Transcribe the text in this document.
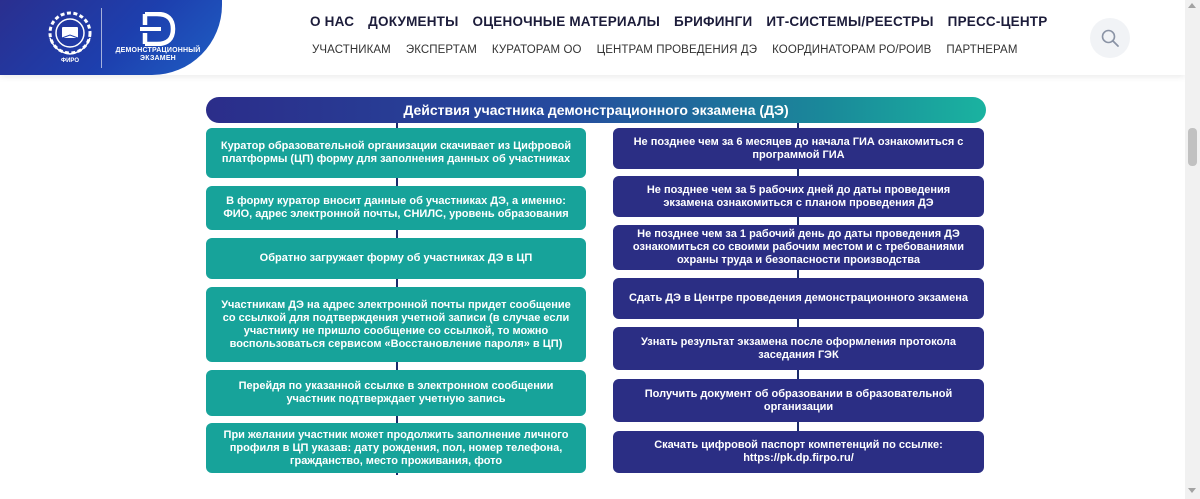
ФИРО
ДЕМОНСТРАЦИОННЫЙ ЭКЗАМЕН
О НАС ДОКУМЕНТЫ ОЦЕНОЧНЫЕ МАТЕРИАЛЫ БРИФИНГИ ИТ-СИСТЕМЫ/РЕЕСТРЫ ПРЕСС-ЦЕНТР
УЧАСТНИКАМ ЭКСПЕРТАМ КУРАТОРАМ ОО ЦЕНТРАМ ПРОВЕДЕНИЯ ДЭ КООРДИНАТОРАМ РО/РОИВ ПАРТНЕРАМ
Действия участника демонстрационного экзамена (ДЭ)
Куратор образовательной организации скачивает из Цифровой платформы (ЦП) форму для заполнения данных об участниках
В форму куратор вносит данные об участниках ДЭ, а именно: ФИО, адрес электронной почты, СНИЛС, уровень образования
Обратно загружает форму об участниках ДЭ в ЦП
Участникам ДЭ на адрес электронной почты придет сообщение со ссылкой для подтверждения учетной записи (в случае если участнику не пришло сообщение со ссылкой, то можно воспользоваться сервисом «Восстановление пароля» в ЦП)
Перейдя по указанной ссылке в электронном сообщении участник подтверждает учетную запись
При желании участник может продолжить заполнение личного профиля в ЦП указав: дату рождения, пол, номер телефона, гражданство, место проживания, фото
Не позднее чем за 6 месяцев до начала ГИА ознакомиться с программой ГИА
Не позднее чем за 5 рабочих дней до даты проведения экзамена ознакомиться с планом проведения ДЭ
Не позднее чем за 1 рабочий день до даты проведения ДЭ ознакомиться со своими рабочим местом и с требованиями охраны труда и безопасности производства
Сдать ДЭ в Центре проведения демонстрационного экзамена
Узнать результат экзамена после оформления протокола заседания ГЭК
Получить документ об образовании в образовательной организации
Скачать цифровой паспорт компетенций по ссылке: https://pk.dp.firpo.ru/
